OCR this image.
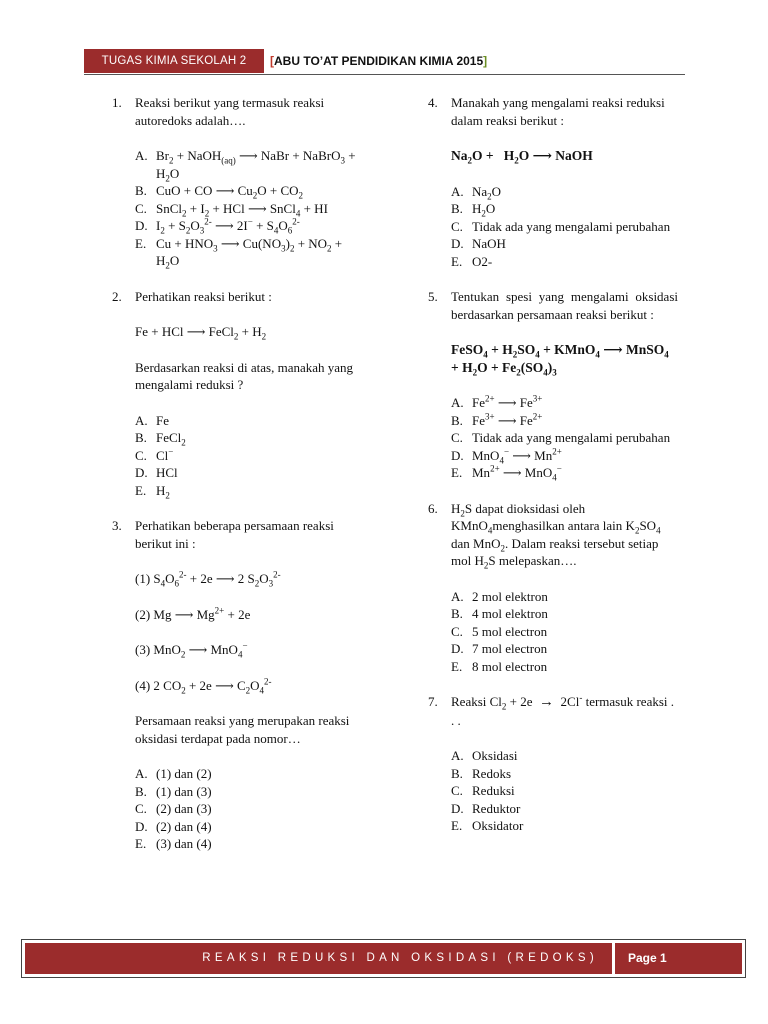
TUGAS KIMIA SEKOLAH 2	[ABU TO’AT PENDIDIKAN KIMIA 2015]
1. Reaksi berikut yang termasuk reaksi autoredoks adalah….

A. $Br_2$ + NaOH$_{(aq)}$ ⟶ NaBr + NaBrO$_3$ + $H_2O$
B. CuO + CO ⟶ $Cu_2O + CO_2$
C. SnCl$_2$ + $I_2$ + HCl ⟶ SnCl$_4$ + HI
D. $I_2 + S_2O_3^{2-}$ ⟶ $2I^- + S_4O_6^{2-}$
E. $Cu + HNO_3$ ⟶ $Cu(NO_3)_2 + NO_2 + H_2O$
2. Perhatikan reaksi berikut :

Fe + HCl ⟶ FeCl$_2$ + $H_2$

Berdasarkan reaksi di atas, manakah yang mengalami reduksi ?

A. Fe
B. FeCl$_2$
C. Cl−
D. HCl
E. $H_2$
3. Perhatikan beberapa persamaan reaksi berikut ini :

(1) $S_4O_6^{2-} + 2e$ ⟶ 2 $S_2O_3^{2-}$

(2) Mg ⟶ $Mg^{2+} + 2e$

(3) MnO$_2$ ⟶ MnO$_4$−

(4) 2 $CO_2 + 2e$ ⟶ $C_2O_4^{2-}$

Persamaan reaksi yang merupakan reaksi oksidasi terdapat pada nomor…

A. (1) dan (2)
B. (1) dan (3)
C. (2) dan (3)
D. (2) dan (4)
E. (3) dan (4)
4. Manakah yang mengalami reaksi reduksi dalam reaksi berikut :

$Na_2O + H_2O$ ⟶ NaOH

A. $Na_2O$
B. $H_2O$
C. Tidak ada yang mengalami perubahan
D. NaOH
E. O2-
5. Tentukan spesi yang mengalami oksidasi berdasarkan persamaan reaksi berikut :

FeSO$_4$ + $H_2SO_4$ + KMnO$_4$ ⟶ MnSO$_4$ + $H_2O + Fe_2(SO_4)_3$

A. $Fe^{2+}$ ⟶ $Fe^{3+}$
B. $Fe^{3+}$ ⟶ $Fe^{2+}$
C. Tidak ada yang mengalami perubahan
D. MnO$_4$− ⟶ $Mn^{2+}$
E. $Mn^{2+}$ ⟶ MnO$_4$−
6. $H_2S$ dapat dioksidasi oleh KMnO$_4$menghasilkan antara lain $K_2SO_4$ dan MnO$_2$. Dalam reaksi tersebut setiap mol $H_2S$ melepaskan….

A. 2 mol elektron
B. 4 mol elektron
C. 5 mol electron
D. 7 mol electron
E. 8 mol electron
7. Reaksi $Cl_2 + 2e \to 2Cl^-$ termasuk reaksi . . .

A. Oksidasi
B. Redoks
C. Reduksi
D. Reduktor
E. Oksidator
REAKSI REDUKSI DAN OKSIDASI (REDOKS)	Page 1
